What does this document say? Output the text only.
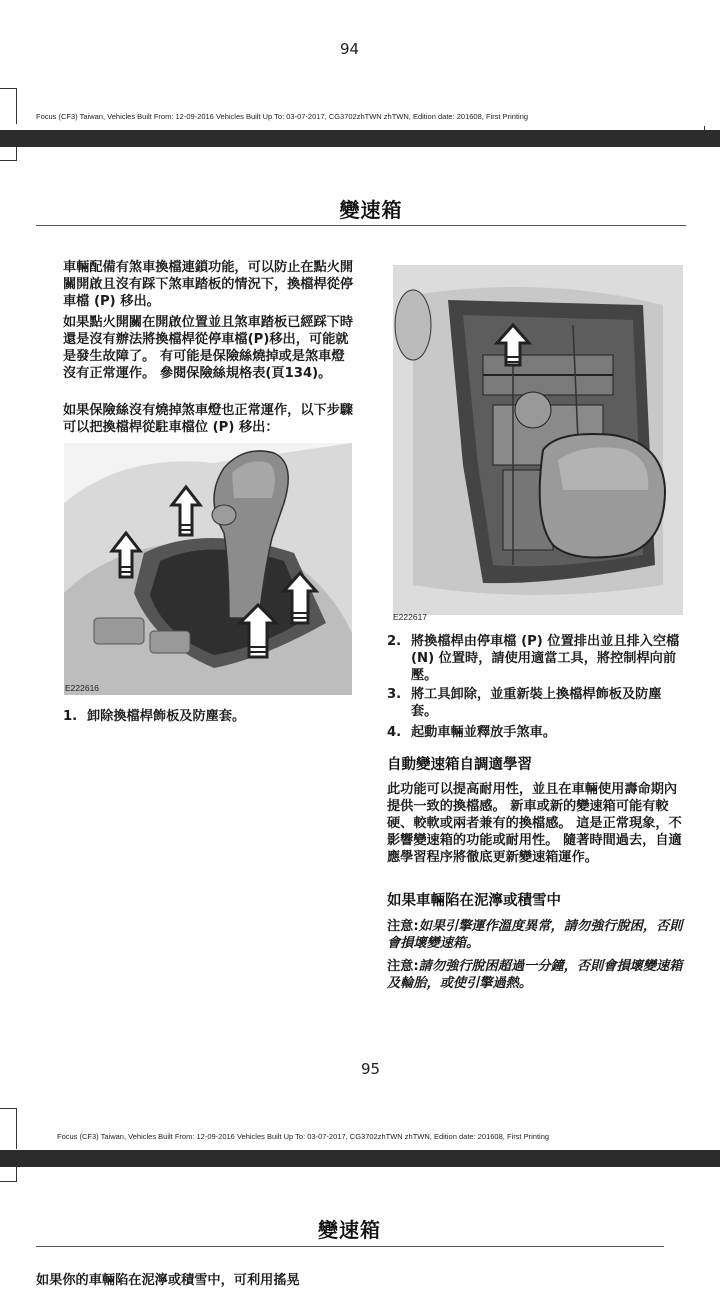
94
Focus (CF3) Taiwan, Vehicles Built From: 12-09-2016 Vehicles Built Up To: 03-07-2017, CG3702zhTWN zhTWN, Edition date: 201608, First Printing
變速箱
車輛配備有煞車換檔連鎖功能，可以防止在點火開關開啟且沒有踩下煞車踏板的情況下，換檔桿從停車檔 (P) 移出。
如果點火開關在開啟位置並且煞車踏板已經踩下時還是沒有辦法將換檔桿從停車檔(P)移出，可能就是發生故障了。 有可能是保險絲燒掉或是煞車燈沒有正常運作。 參閱保險絲規格表(頁134)。
如果保險絲沒有燒掉煞車燈也正常運作，以下步驟可以把換檔桿從駐車檔位 (P) 移出：
E222616
1. 卸除換檔桿飾板及防塵套。
E222617
2. 將換檔桿由停車檔 (P) 位置排出並且排入空檔 (N) 位置時，請使用適當工具，將控制桿向前壓。
3. 將工具卸除，並重新裝上換檔桿飾板及防塵套。
4. 起動車輛並釋放手煞車。
自動變速箱自調適學習
此功能可以提高耐用性，並且在車輛使用壽命期內提供一致的換檔感。 新車或新的變速箱可能有較硬、較軟或兩者兼有的換檔感。 這是正常現象，不影響變速箱的功能或耐用性。 隨著時間過去，自適應學習程序將徹底更新變速箱運作。
如果車輛陷在泥濘或積雪中
注意:如果引擎運作溫度異常，請勿強行脫困，否則會損壞變速箱。
注意:請勿強行脫困超過一分鐘，否則會損壞變速箱及輪胎，或使引擎過熱。
95
Focus (CF3) Taiwan, Vehicles Built From: 12-09-2016 Vehicles Built Up To: 03-07-2017, CG3702zhTWN zhTWN, Edition date: 201608, First Printing
變速箱
如果你的車輛陷在泥濘或積雪中，可利用搖晃
